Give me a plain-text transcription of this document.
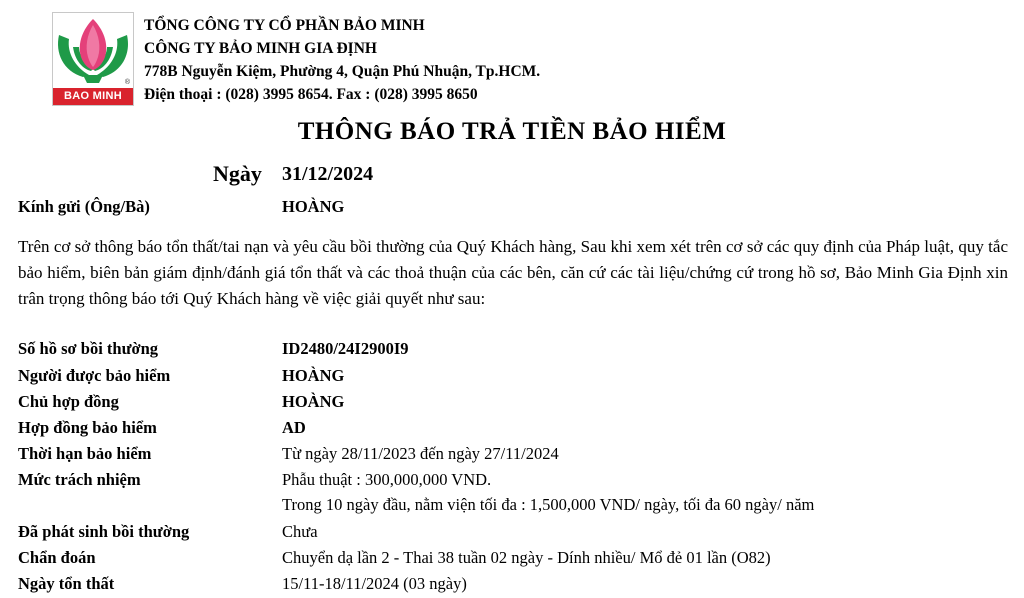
®
BAO MINH
TỔNG CÔNG TY CỔ PHẦN BẢO MINH
CÔNG TY BẢO MINH GIA ĐỊNH
778B Nguyễn Kiệm, Phường 4, Quận Phú Nhuận, Tp.HCM.
Điện thoại : (028) 3995 8654. Fax : (028) 3995 8650
THÔNG BÁO TRẢ TIỀN BẢO HIỂM
Ngày 31/12/2024
Kính gửi (Ông/Bà)	HOÀNG
Trên cơ sở thông báo tổn thất/tai nạn và yêu cầu bồi thường của Quý Khách hàng, Sau khi xem xét trên cơ sở các quy định của Pháp luật, quy tắc bảo hiểm, biên bản giám định/đánh giá tổn thất và các thoả thuận của các bên, căn cứ các tài liệu/chứng cứ trong hồ sơ, Bảo Minh Gia Định xin trân trọng thông báo tới Quý Khách hàng về việc giải quyết như sau:
Số hồ sơ bồi thường	ID2480/24I2900I9
Người được bảo hiểm	HOÀNG
Chủ hợp đồng	HOÀNG
Hợp đồng bảo hiểm	AD
Thời hạn bảo hiểm	Từ ngày 28/11/2023 đến ngày 27/11/2024
Mức trách nhiệm	Phẫu thuật : 300,000,000 VND.
Trong 10 ngày đầu, nằm viện tối đa : 1,500,000 VND/ ngày, tối đa 60 ngày/ năm
Đã phát sinh bồi thường	Chưa
Chẩn đoán	Chuyển dạ lần 2 - Thai 38 tuần 02 ngày - Dính nhiều/ Mổ đẻ 01 lần (O82)
Ngày tổn thất	15/11-18/11/2024 (03 ngày)
